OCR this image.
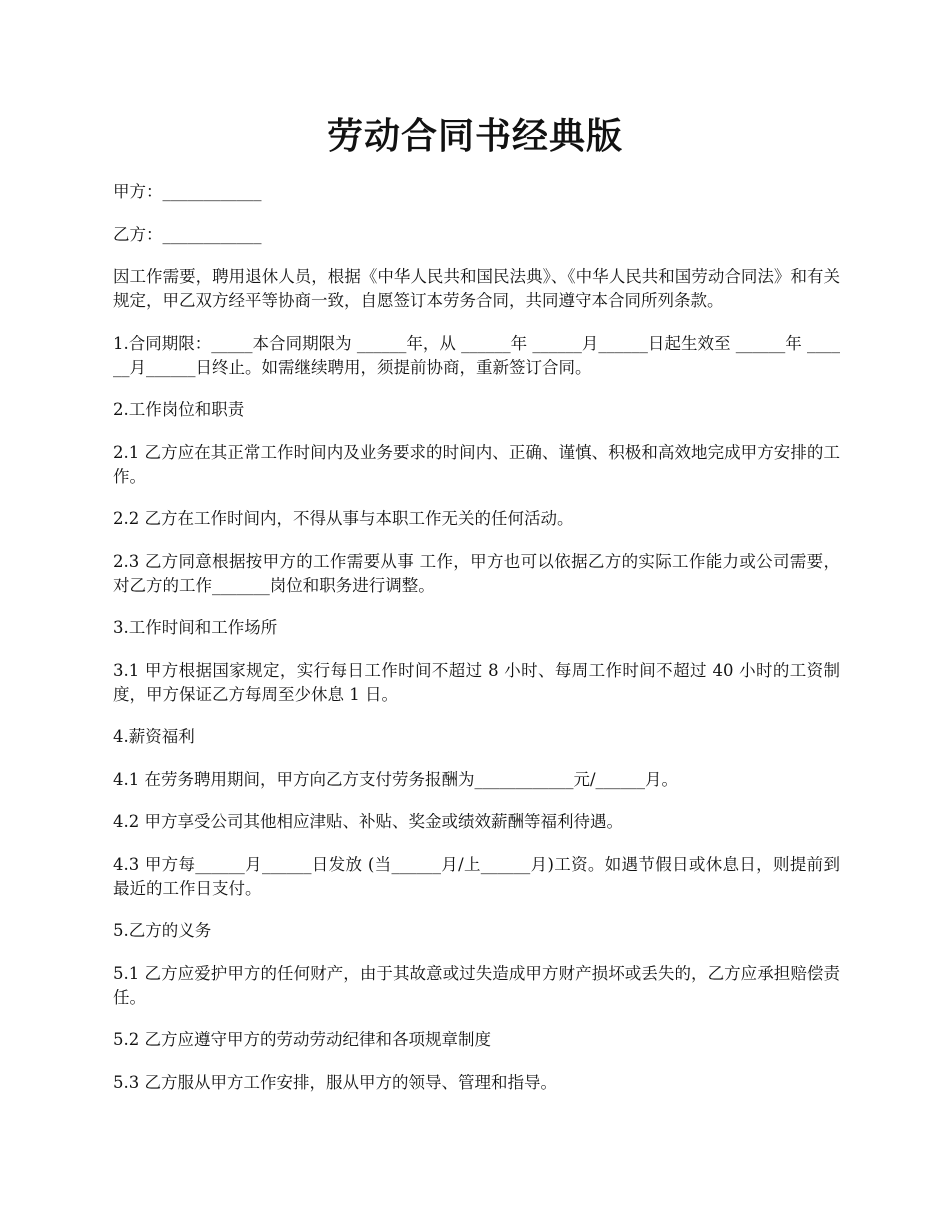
劳动合同书经典版

甲方：____________

乙方：____________

因工作需要，聘用退休人员，根据《中华人民共和国民法典》、《中华人民共和国劳动合同法》和有关规定，甲乙双方经平等协商一致，自愿签订本劳务合同，共同遵守本合同所列条款。

1.合同期限：_____本合同期限为 ______年，从 ______年 ______月______日起生效至 ______年 ______月______日终止。如需继续聘用，须提前协商，重新签订合同。

2.工作岗位和职责

2.1 乙方应在其正常工作时间内及业务要求的时间内、正确、谨慎、积极和高效地完成甲方安排的工作。

2.2 乙方在工作时间内，不得从事与本职工作无关的任何活动。

2.3 乙方同意根据按甲方的工作需要从事 工作，甲方也可以依据乙方的实际工作能力或公司需要，对乙方的工作_______岗位和职务进行调整。

3.工作时间和工作场所

3.1 甲方根据国家规定，实行每日工作时间不超过 8 小时、每周工作时间不超过 40 小时的工资制度，甲方保证乙方每周至少休息 1 日。

4.薪资福利

4.1 在劳务聘用期间，甲方向乙方支付劳务报酬为____________元/______月。

4.2 甲方享受公司其他相应津贴、补贴、奖金或绩效薪酬等福利待遇。

4.3 甲方每______月______日发放 (当______月/上______月)工资。如遇节假日或休息日，则提前到最近的工作日支付。

5.乙方的义务

5.1 乙方应爱护甲方的任何财产，由于其故意或过失造成甲方财产损坏或丢失的，乙方应承担赔偿责任。

5.2 乙方应遵守甲方的劳动劳动纪律和各项规章制度

5.3 乙方服从甲方工作安排，服从甲方的领导、管理和指导。
